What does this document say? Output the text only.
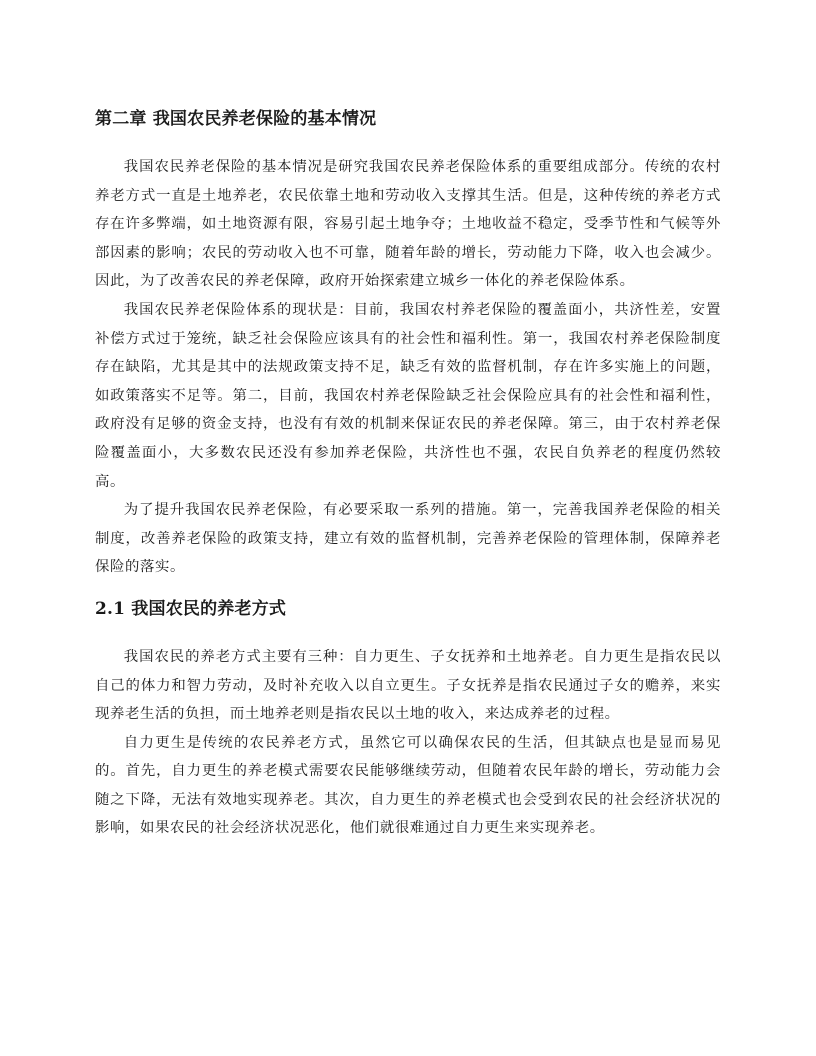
第二章 我国农民养老保险的基本情况

我国农民养老保险的基本情况是研究我国农民养老保险体系的重要组成部分。传统的农村养老方式一直是土地养老，农民依靠土地和劳动收入支撑其生活。但是，这种传统的养老方式存在许多弊端，如土地资源有限，容易引起土地争夺；土地收益不稳定，受季节性和气候等外部因素的影响；农民的劳动收入也不可靠，随着年龄的增长，劳动能力下降，收入也会减少。因此，为了改善农民的养老保障，政府开始探索建立城乡一体化的养老保险体系。

我国农民养老保险体系的现状是：目前，我国农村养老保险的覆盖面小，共济性差，安置补偿方式过于笼统，缺乏社会保险应该具有的社会性和福利性。第一，我国农村养老保险制度存在缺陷，尤其是其中的法规政策支持不足，缺乏有效的监督机制，存在许多实施上的问题，如政策落实不足等。第二，目前，我国农村养老保险缺乏社会保险应具有的社会性和福利性，政府没有足够的资金支持，也没有有效的机制来保证农民的养老保障。第三，由于农村养老保险覆盖面小，大多数农民还没有参加养老保险，共济性也不强，农民自负养老的程度仍然较高。

为了提升我国农民养老保险，有必要采取一系列的措施。第一，完善我国养老保险的相关制度，改善养老保险的政策支持，建立有效的监督机制，完善养老保险的管理体制，保障养老保险的落实。

2.1 我国农民的养老方式

我国农民的养老方式主要有三种：自力更生、子女抚养和土地养老。自力更生是指农民以自己的体力和智力劳动，及时补充收入以自立更生。子女抚养是指农民通过子女的赡养，来实现养老生活的负担，而土地养老则是指农民以土地的收入，来达成养老的过程。

自力更生是传统的农民养老方式，虽然它可以确保农民的生活，但其缺点也是显而易见的。首先，自力更生的养老模式需要农民能够继续劳动，但随着农民年龄的增长，劳动能力会随之下降，无法有效地实现养老。其次，自力更生的养老模式也会受到农民的社会经济状况的影响，如果农民的社会经济状况恶化，他们就很难通过自力更生来实现养老。
